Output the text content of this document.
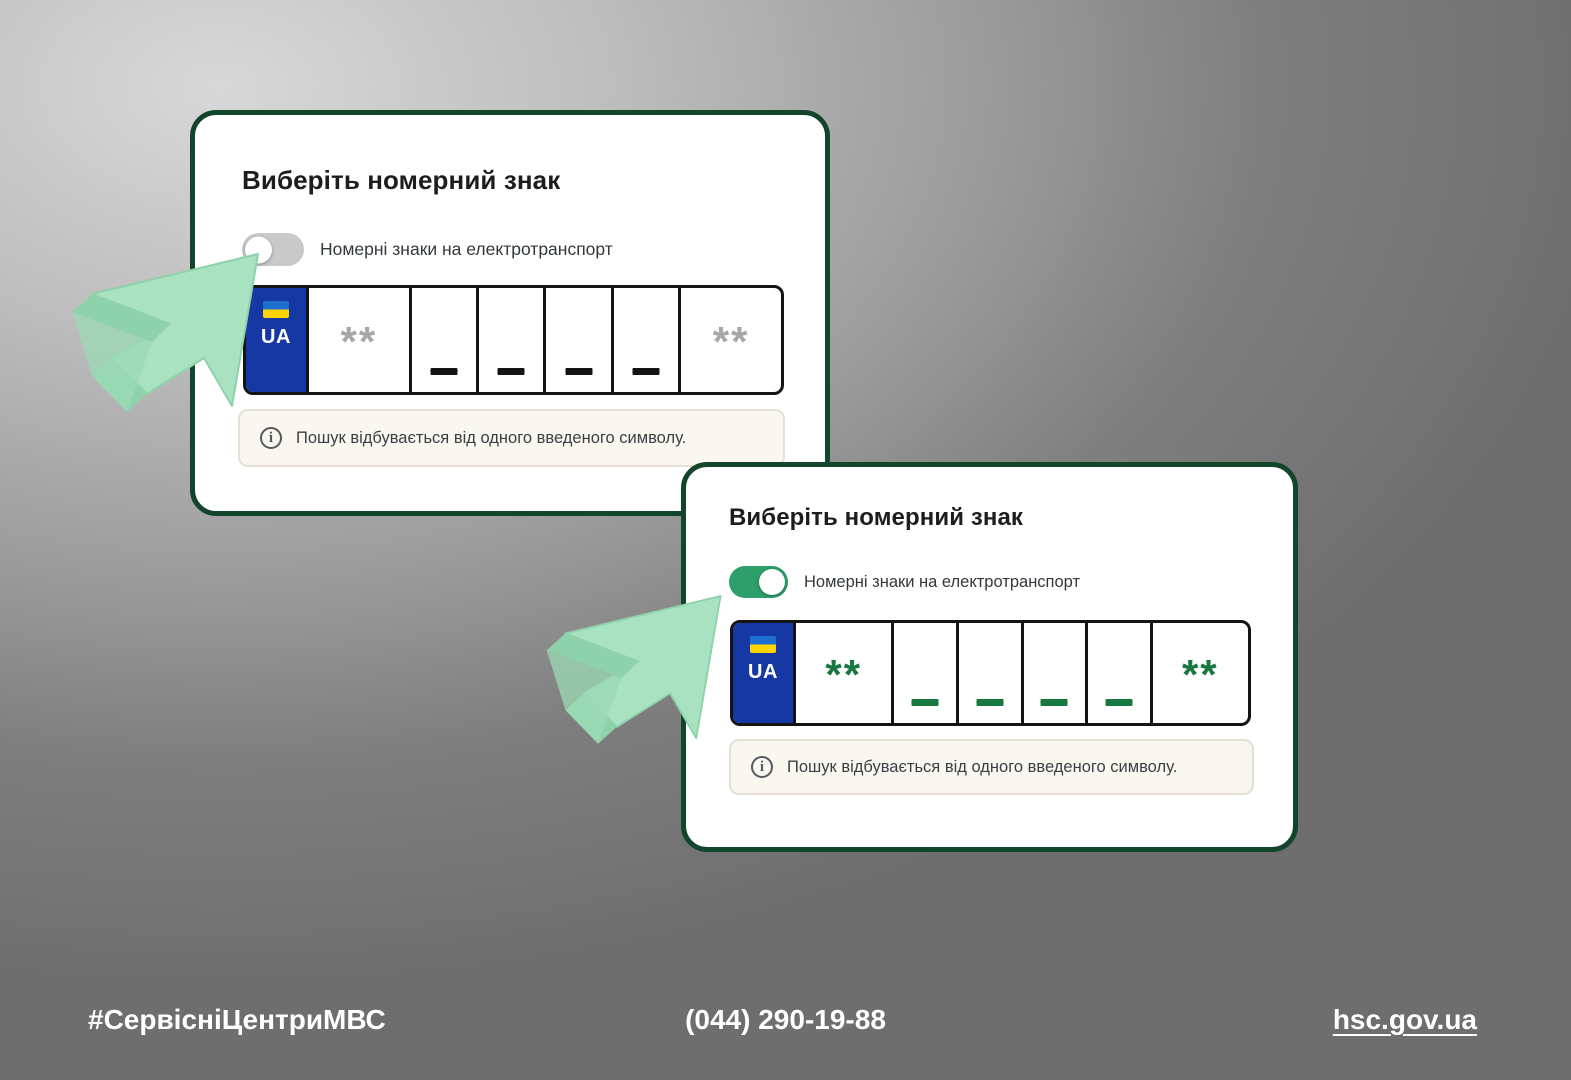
Виберіть номерний знак
Номерні знаки на електротранспорт
UA **	**
i	Пошук відбувається від одного введеного символу.
Виберіть номерний знак
Номерні знаки на електротранспорт
UA **	**
i	Пошук відбувається від одного введеного символу.
#СервісніЦентриМВС	(044) 290-19-88	hsc.gov.ua
